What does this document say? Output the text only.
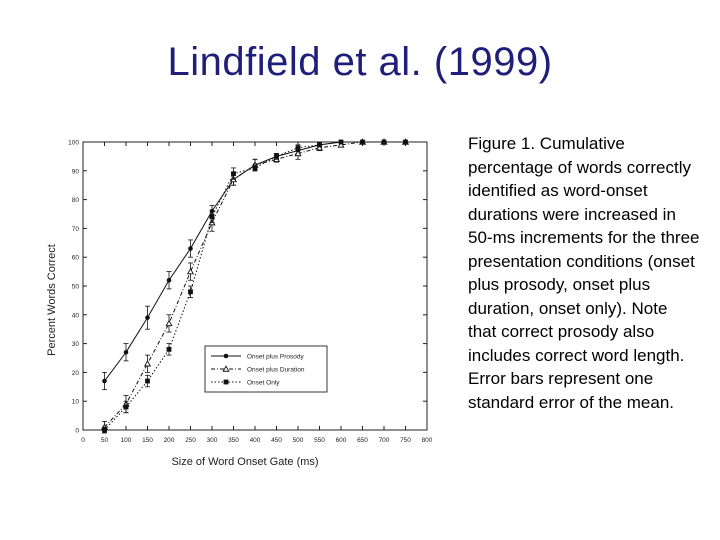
Lindfield et al. (1999)
0 50 100 150 200 250 300 350 400 450 500 550 600 650 700 750 800
0
10
20
30
40
50
60
70
80
90
100
Onset plus Prosody
Onset plus Duration
Onset Only
Size of Word Onset Gate (ms)
Percent Words Correct
Figure 1. Cumulative percentage of words correctly identified as word-onset durations were increased in 50-ms increments for the three presentation conditions (onset plus prosody, onset plus duration, onset only). Note that correct prosody also includes correct word length. Error bars represent one standard error of the mean.
